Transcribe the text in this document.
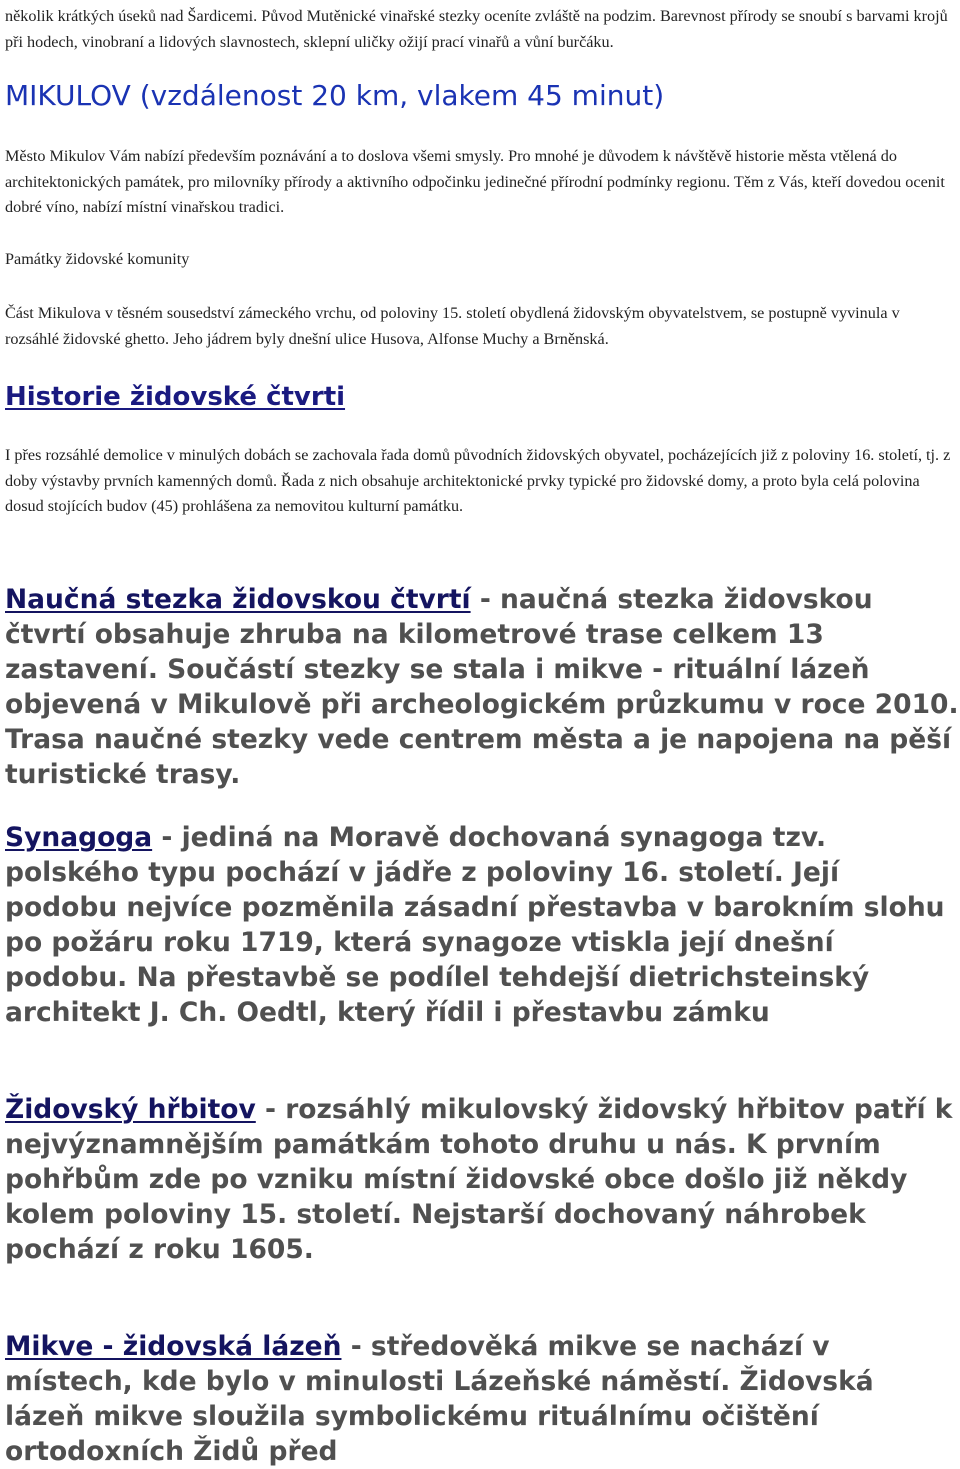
několik krátkých úseků nad Šardicemi. Původ Mutěnické vinařské stezky oceníte zvláště na podzim. Barevnost přírody se snoubí s barvami krojů při hodech, vinobraní a lidových slavnostech, sklepní uličky ožijí prací vinařů a vůní burčáku.

MIKULOV (vzdálenost 20 km, vlakem 45 minut)

Město Mikulov Vám nabízí především poznávání a to doslova všemi smysly. Pro mnohé je důvodem k návštěvě historie města vtělená do architektonických památek, pro milovníky přírody a aktivního odpočinku jedinečné přírodní podmínky regionu. Těm z Vás, kteří dovedou ocenit dobré víno, nabízí místní vinařskou tradici.

Památky židovské komunity

Část Mikulova v těsném sousedství zámeckého vrchu, od poloviny 15. století obydlená židovským obyvatelstvem, se postupně vyvinula v rozsáhlé židovské ghetto. Jeho jádrem byly dnešní ulice Husova, Alfonse Muchy a Brněnská.

Historie židovské čtvrti

I přes rozsáhlé demolice v minulých dobách se zachovala řada domů původních židovských obyvatel, pocházejících již z poloviny 16. století, tj. z doby výstavby prvních kamenných domů. Řada z nich obsahuje architektonické prvky typické pro židovské domy, a proto byla celá polovina dosud stojících budov (45) prohlášena za nemovitou kulturní památku.

Naučná stezka židovskou čtvrtí - naučná stezka židovskou čtvrtí obsahuje zhruba na kilometrové trase celkem 13 zastavení. Součástí stezky se stala i mikve - rituální lázeň objevená v Mikulově při archeologickém průzkumu v roce 2010. Trasa naučné stezky vede centrem města a je napojena na pěší turistické trasy.

Synagoga - jediná na Moravě dochovaná synagoga tzv. polského typu pochází v jádře z poloviny 16. století. Její podobu nejvíce pozměnila zásadní přestavba v barokním slohu po požáru roku 1719, která synagoze vtiskla její dnešní podobu. Na přestavbě se podílel tehdejší dietrichsteinský architekt J. Ch. Oedtl, který řídil i přestavbu zámku

Židovský hřbitov - rozsáhlý mikulovský židovský hřbitov patří k nejvýznamnějším památkám tohoto druhu u nás. K prvním pohřbům zde po vzniku místní židovské obce došlo již někdy kolem poloviny 15. století. Nejstarší dochovaný náhrobek pochází z roku 1605.

Mikve - židovská lázeň - středověká mikve se nachází v místech, kde bylo v minulosti Lázeňské náměstí. Židovská lázeň mikve sloužila symbolickému rituálnímu očištění ortodoxních Židů před
